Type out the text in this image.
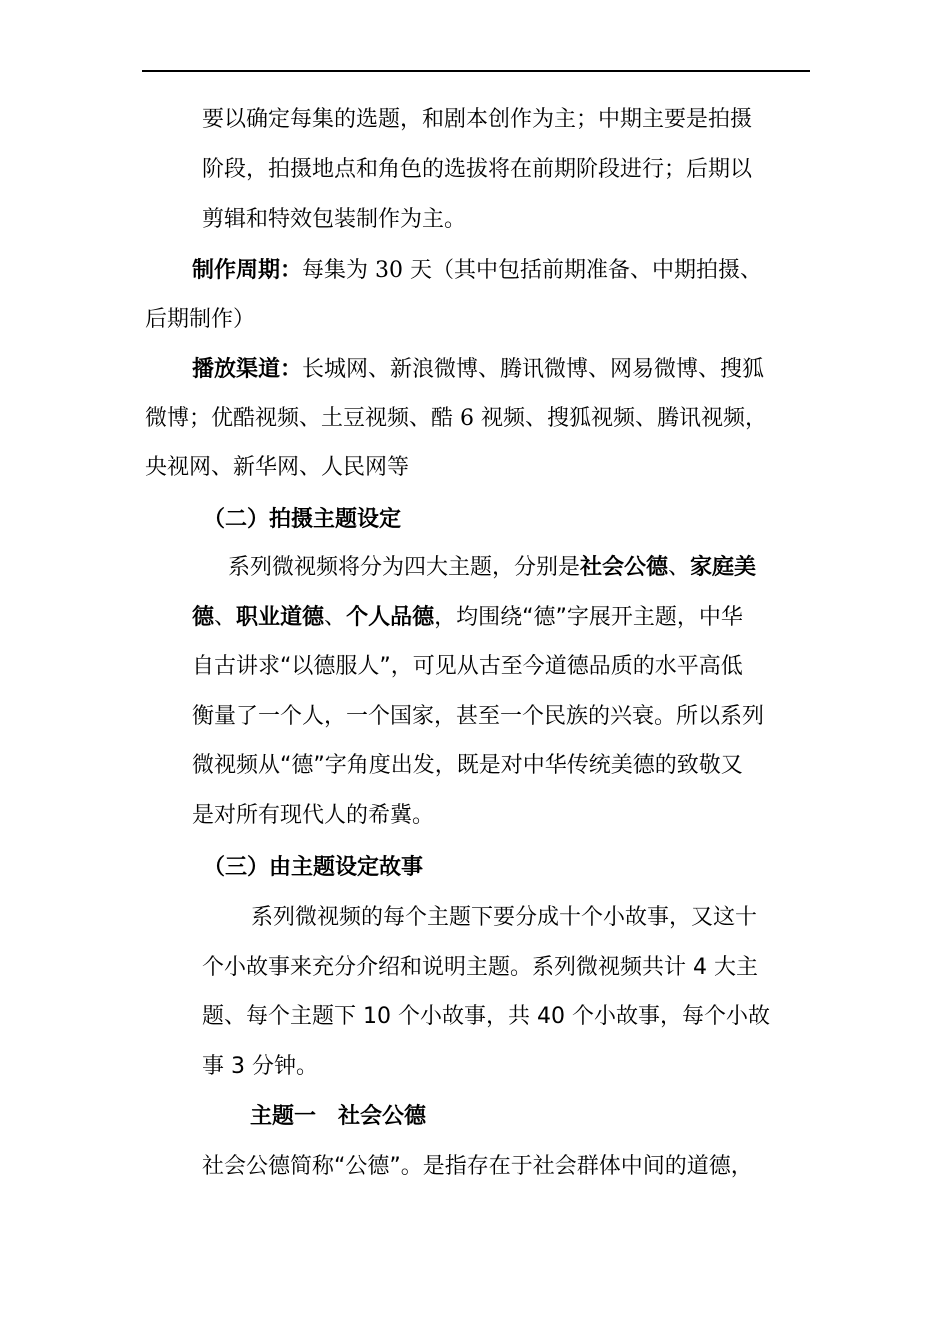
要以确定每集的选题，和剧本创作为主；中期主要是拍摄
阶段，拍摄地点和角色的选拔将在前期阶段进行；后期以
剪辑和特效包装制作为主。
制作周期：每集为 30 天（其中包括前期准备、中期拍摄、
后期制作）
播放渠道：长城网、新浪微博、腾讯微博、网易微博、搜狐
微博；优酷视频、土豆视频、酷 6 视频、搜狐视频、腾讯视频，
央视网、新华网、人民网等
（二）拍摄主题设定
系列微视频将分为四大主题，分别是社会公德、家庭美
德、职业道德、个人品德，均围绕“德”字展开主题，中华
自古讲求“以德服人”，可见从古至今道德品质的水平高低
衡量了一个人，一个国家，甚至一个民族的兴衰。所以系列
微视频从“德”字角度出发，既是对中华传统美德的致敬又
是对所有现代人的希冀。
（三）由主题设定故事
系列微视频的每个主题下要分成十个小故事，又这十
个小故事来充分介绍和说明主题。系列微视频共计 4 大主
题、每个主题下 10 个小故事，共 40 个小故事，每个小故
事 3 分钟。
主题一　社会公德
社会公德简称“公德”。是指存在于社会群体中间的道德，
